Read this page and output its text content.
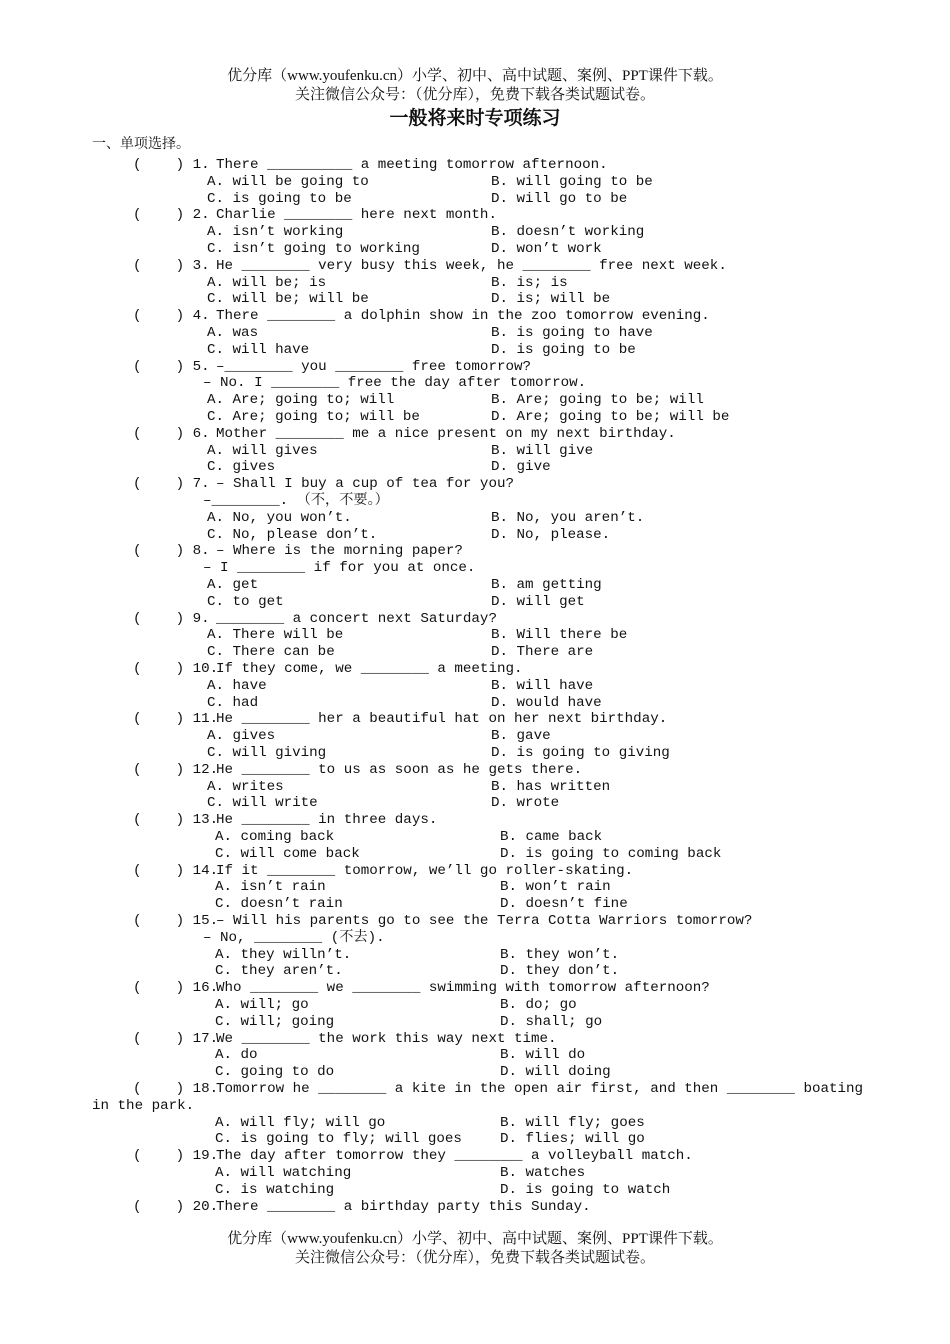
优分库（www.youfenku.cn）小学、初中、高中试题、案例、PPT课件下载。
关注微信公众号：（优分库），免费下载各类试题试卷。
一般将来时专项练习
一、单项选择。
(    ) 1. There __________ a meeting tomorrow afternoon.
A. will be going to	B. will going to be
C. is going to be	D. will go to be
(    ) 2. Charlie ________ here next month.
A. isn’t working	B. doesn’t working
C. isn’t going to working	D. won’t work
(    ) 3. He ________ very busy this week, he ________ free next week.
A. will be; is	B. is; is
C. will be; will be	D. is; will be
(    ) 4. There ________ a dolphin show in the zoo tomorrow evening.
A. was	B. is going to have
C. will have	D. is going to be
(    ) 5. –________ you ________ free tomorrow?
– No. I ________ free the day after tomorrow.
A. Are; going to; will	B. Are; going to be; will
C. Are; going to; will be	D. Are; going to be; will be
(    ) 6. Mother ________ me a nice present on my next birthday.
A. will gives	B. will give
C. gives	D. give
(    ) 7. – Shall I buy a cup of tea for you?
–________. （不，不要。）
A. No, you won’t.	B. No, you aren’t.
C. No, please don’t.	D. No, please.
(    ) 8. – Where is the morning paper?
– I ________ if for you at once.
A. get	B. am getting
C. to get	D. will get
(    ) 9. ________ a concert next Saturday?
A. There will be	B. Will there be
C. There can be	D. There are
(    ) 10.
If they come, we ________ a meeting.
A. have	B. will have
C. had	D. would have
(    ) 11.
He ________ her a beautiful hat on her next birthday.
A. gives	B. gave
C. will giving	D. is going to giving
(    ) 12.
He ________ to us as soon as he gets there.
A. writes	B. has written
C. will write	D. wrote
(    ) 13.
He ________ in three days.
A. coming back	B. came back
C. will come back	D. is going to coming back
(    ) 14.
If it ________ tomorrow, we’ll go roller-skating.
A. isn’t rain	B. won’t rain
C. doesn’t rain	D. doesn’t fine
(    ) 15.
– Will his parents go to see the Terra Cotta Warriors tomorrow?
– No, ________ (不去).
A. they willn’t.	B. they won’t.
C. they aren’t.	D. they don’t.
(    ) 16.
Who ________ we ________ swimming with tomorrow afternoon?
A. will; go	B. do; go
C. will; going	D. shall; go
(    ) 17.
We ________ the work this way next time.
A. do	B. will do
C. going to do	D. will doing
(    ) 18.
Tomorrow he ________ a kite in the open air first, and then ________ boating
in the park.
A. will fly; will go	B. will fly; goes
C. is going to fly; will goes	D. flies; will go
(    ) 19.
The day after tomorrow they ________ a volleyball match.
A. will watching	B. watches
C. is watching	D. is going to watch
(    ) 20.
There ________ a birthday party this Sunday.
优分库（www.youfenku.cn）小学、初中、高中试题、案例、PPT课件下载。
关注微信公众号：（优分库），免费下载各类试题试卷。
